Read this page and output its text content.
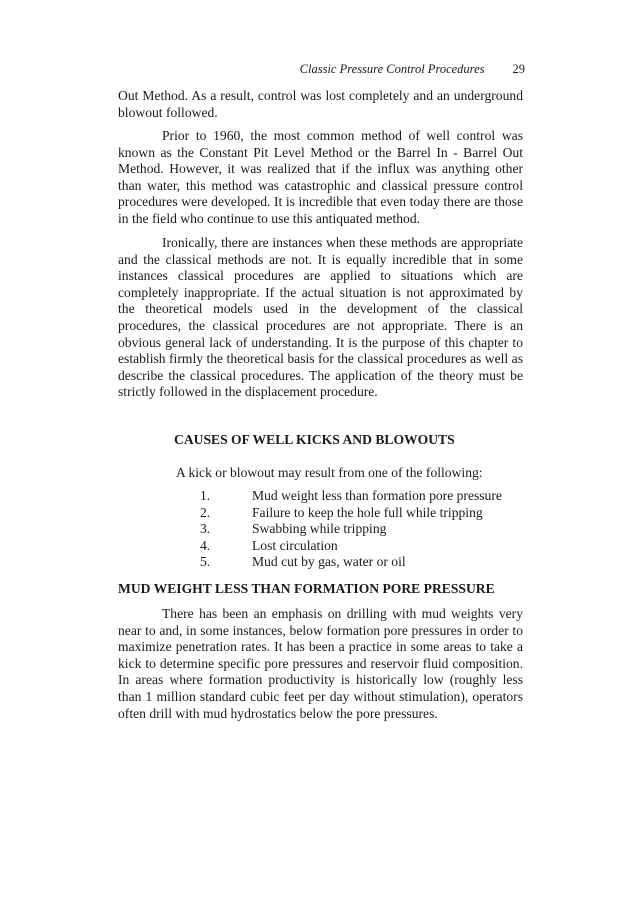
Classic Pressure Control Procedures 29

Out Method. As a result, control was lost completely and an underground blowout followed.

Prior to 1960, the most common method of well control was known as the Constant Pit Level Method or the Barrel In - Barrel Out Method. However, it was realized that if the influx was anything other than water, this method was catastrophic and classical pressure control procedures were developed. It is incredible that even today there are those in the field who continue to use this antiquated method.

Ironically, there are instances when these methods are appropriate and the classical methods are not. It is equally incredible that in some instances classical procedures are applied to situations which are completely inappropriate. If the actual situation is not approximated by the theoretical models used in the development of the classical procedures, the classical procedures are not appropriate. There is an obvious general lack of understanding. It is the purpose of this chapter to establish firmly the theoretical basis for the classical procedures as well as describe the classical procedures. The application of the theory must be strictly followed in the displacement procedure.

CAUSES OF WELL KICKS AND BLOWOUTS

A kick or blowout may result from one of the following:

1.	Mud weight less than formation pore pressure
2.	Failure to keep the hole full while tripping
3.	Swabbing while tripping
4.	Lost circulation
5.	Mud cut by gas, water or oil
MUD WEIGHT LESS THAN FORMATION PORE PRESSURE

There has been an emphasis on drilling with mud weights very near to and, in some instances, below formation pore pressures in order to maximize penetration rates. It has been a practice in some areas to take a kick to determine specific pore pressures and reservoir fluid composition. In areas where formation productivity is historically low (roughly less than 1 million standard cubic feet per day without stimulation), operators often drill with mud hydrostatics below the pore pressures.
